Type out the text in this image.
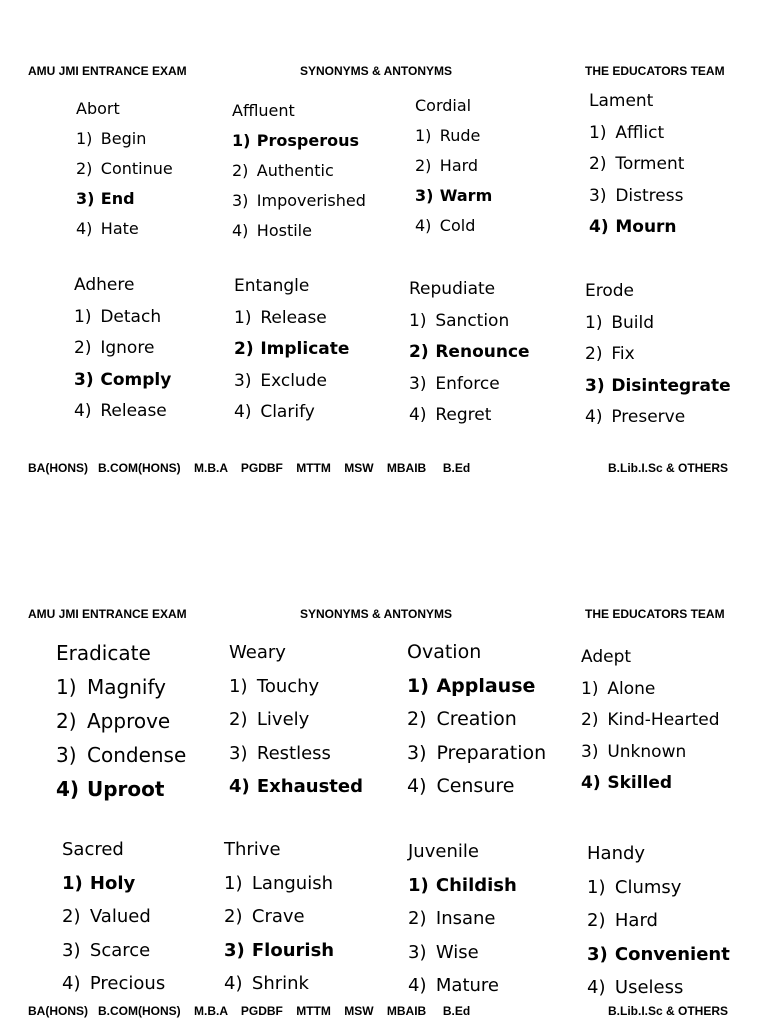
AMU JMI ENTRANCE EXAM	SYNONYMS & ANTONYMS	THE EDUCATORS TEAM
Abort
1) Begin
2) Continue
3) End
4) Hate
Affluent
1) Prosperous
2) Authentic
3) Impoverished
4) Hostile
Cordial
1) Rude
2) Hard
3) Warm
4) Cold
Lament
1) Afflict
2) Torment
3) Distress
4) Mourn
Adhere
1) Detach
2) Ignore
3) Comply
4) Release
Entangle
1) Release
2) Implicate
3) Exclude
4) Clarify
Repudiate
1) Sanction
2) Renounce
3) Enforce
4) Regret
Erode
1) Build
2) Fix
3) Disintegrate
4) Preserve
BA(HONS)   B.COM(HONS)    M.B.A    PGDBF    MTTM    MSW    MBAIB     B.Ed	B.Lib.I.Sc & OTHERS
AMU JMI ENTRANCE EXAM	SYNONYMS & ANTONYMS	THE EDUCATORS TEAM
Eradicate
1) Magnify
2) Approve
3) Condense
4) Uproot
Weary
1) Touchy
2) Lively
3) Restless
4) Exhausted
Ovation
1) Applause
2) Creation
3) Preparation
4) Censure
Adept
1) Alone
2) Kind-Hearted
3) Unknown
4) Skilled
Sacred
1) Holy
2) Valued
3) Scarce
4) Precious
Thrive
1) Languish
2) Crave
3) Flourish
4) Shrink
Juvenile
1) Childish
2) Insane
3) Wise
4) Mature
Handy
1) Clumsy
2) Hard
3) Convenient
4) Useless
BA(HONS)   B.COM(HONS)    M.B.A    PGDBF    MTTM    MSW    MBAIB     B.Ed	B.Lib.I.Sc & OTHERS
